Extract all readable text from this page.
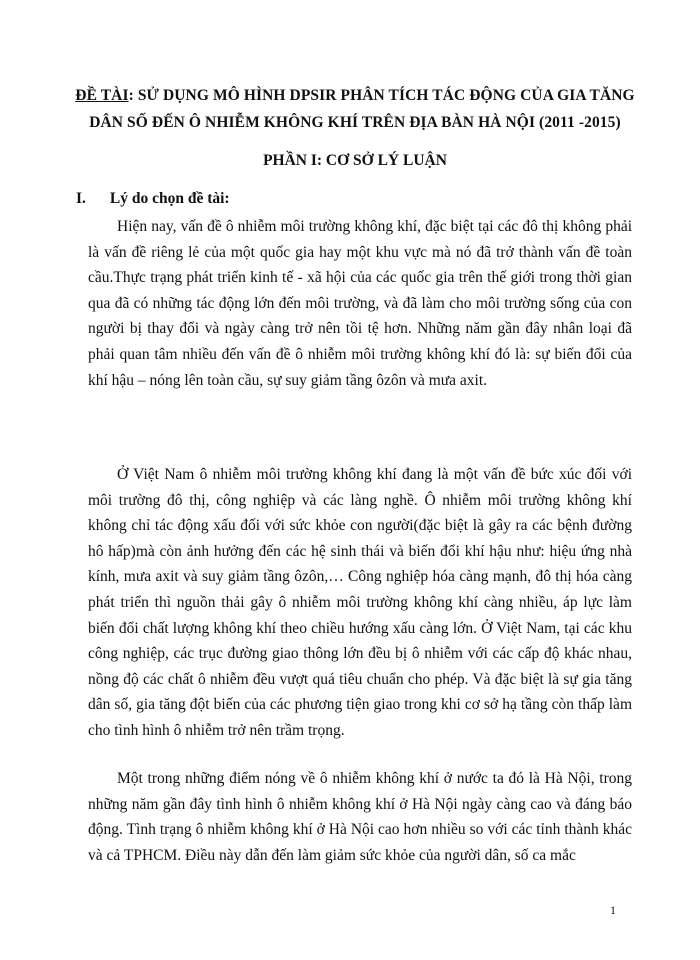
ĐỀ TÀI: SỬ DỤNG MÔ HÌNH DPSIR PHÂN TÍCH TÁC ĐỘNG CỦA GIA TĂNG DÂN SỐ ĐẾN Ô NHIỄM KHÔNG KHÍ TRÊN ĐỊA BÀN HÀ NỘI (2011 -2015)
PHẦN I: CƠ SỞ LÝ LUẬN
I. Lý do chọn đề tài:

Hiện nay, vấn đề ô nhiễm môi trường không khí, đặc biệt tại các đô thị không phải là vấn đề riêng lẻ của một quốc gia hay một khu vực mà nó đã trở thành vấn đề toàn cầu.Thực trạng phát triển kinh tế - xã hội của các quốc gia trên thế giới trong thời gian qua đã có những tác động lớn đến môi trường, và đã làm cho môi trường sống của con người bị thay đổi và ngày càng trở nên tồi tệ hơn. Những năm gần đây nhân loại đã phải quan tâm nhiều đến vấn đề ô nhiễm môi trường không khí đó là: sự biến đổi của khí hậu – nóng lên toàn cầu, sự suy giảm tầng ôzôn và mưa axit.

Ở Việt Nam ô nhiễm môi trường không khí đang là một vấn đề bức xúc đối với môi trường đô thị, công nghiệp và các làng nghề. Ô nhiễm môi trường không khí không chỉ tác động xấu đối với sức khỏe con người(đặc biệt là gây ra các bệnh đường hô hấp)mà còn ảnh hưởng đến các hệ sinh thái và biến đổi khí hậu như: hiệu ứng nhà kính, mưa axit và suy giảm tầng ôzôn,… Công nghiệp hóa càng mạnh, đô thị hóa càng phát triển thì nguồn thải gây ô nhiễm môi trường không khí càng nhiều, áp lực làm biến đổi chất lượng không khí theo chiều hướng xấu càng lớn. Ở Việt Nam, tại các khu công nghiệp, các trục đường giao thông lớn đều bị ô nhiễm với các cấp độ khác nhau, nồng độ các chất ô nhiễm đều vượt quá tiêu chuẩn cho phép. Và đặc biệt là sự gia tăng dân số, gia tăng đột biến của các phương tiện giao trong khi cơ sở hạ tầng còn thấp làm cho tình hình ô nhiễm trở nên trầm trọng.

Một trong những điểm nóng về ô nhiễm không khí ở nước ta đó là Hà Nội, trong những năm gần đây tình hình ô nhiễm không khí ở Hà Nội ngày càng cao và đáng báo động. Tình trạng ô nhiễm không khí ở Hà Nội cao hơn nhiều so với các tỉnh thành khác và cả TPHCM. Điều này dẫn đến làm giảm sức khỏe của người dân, số ca mắc

1
